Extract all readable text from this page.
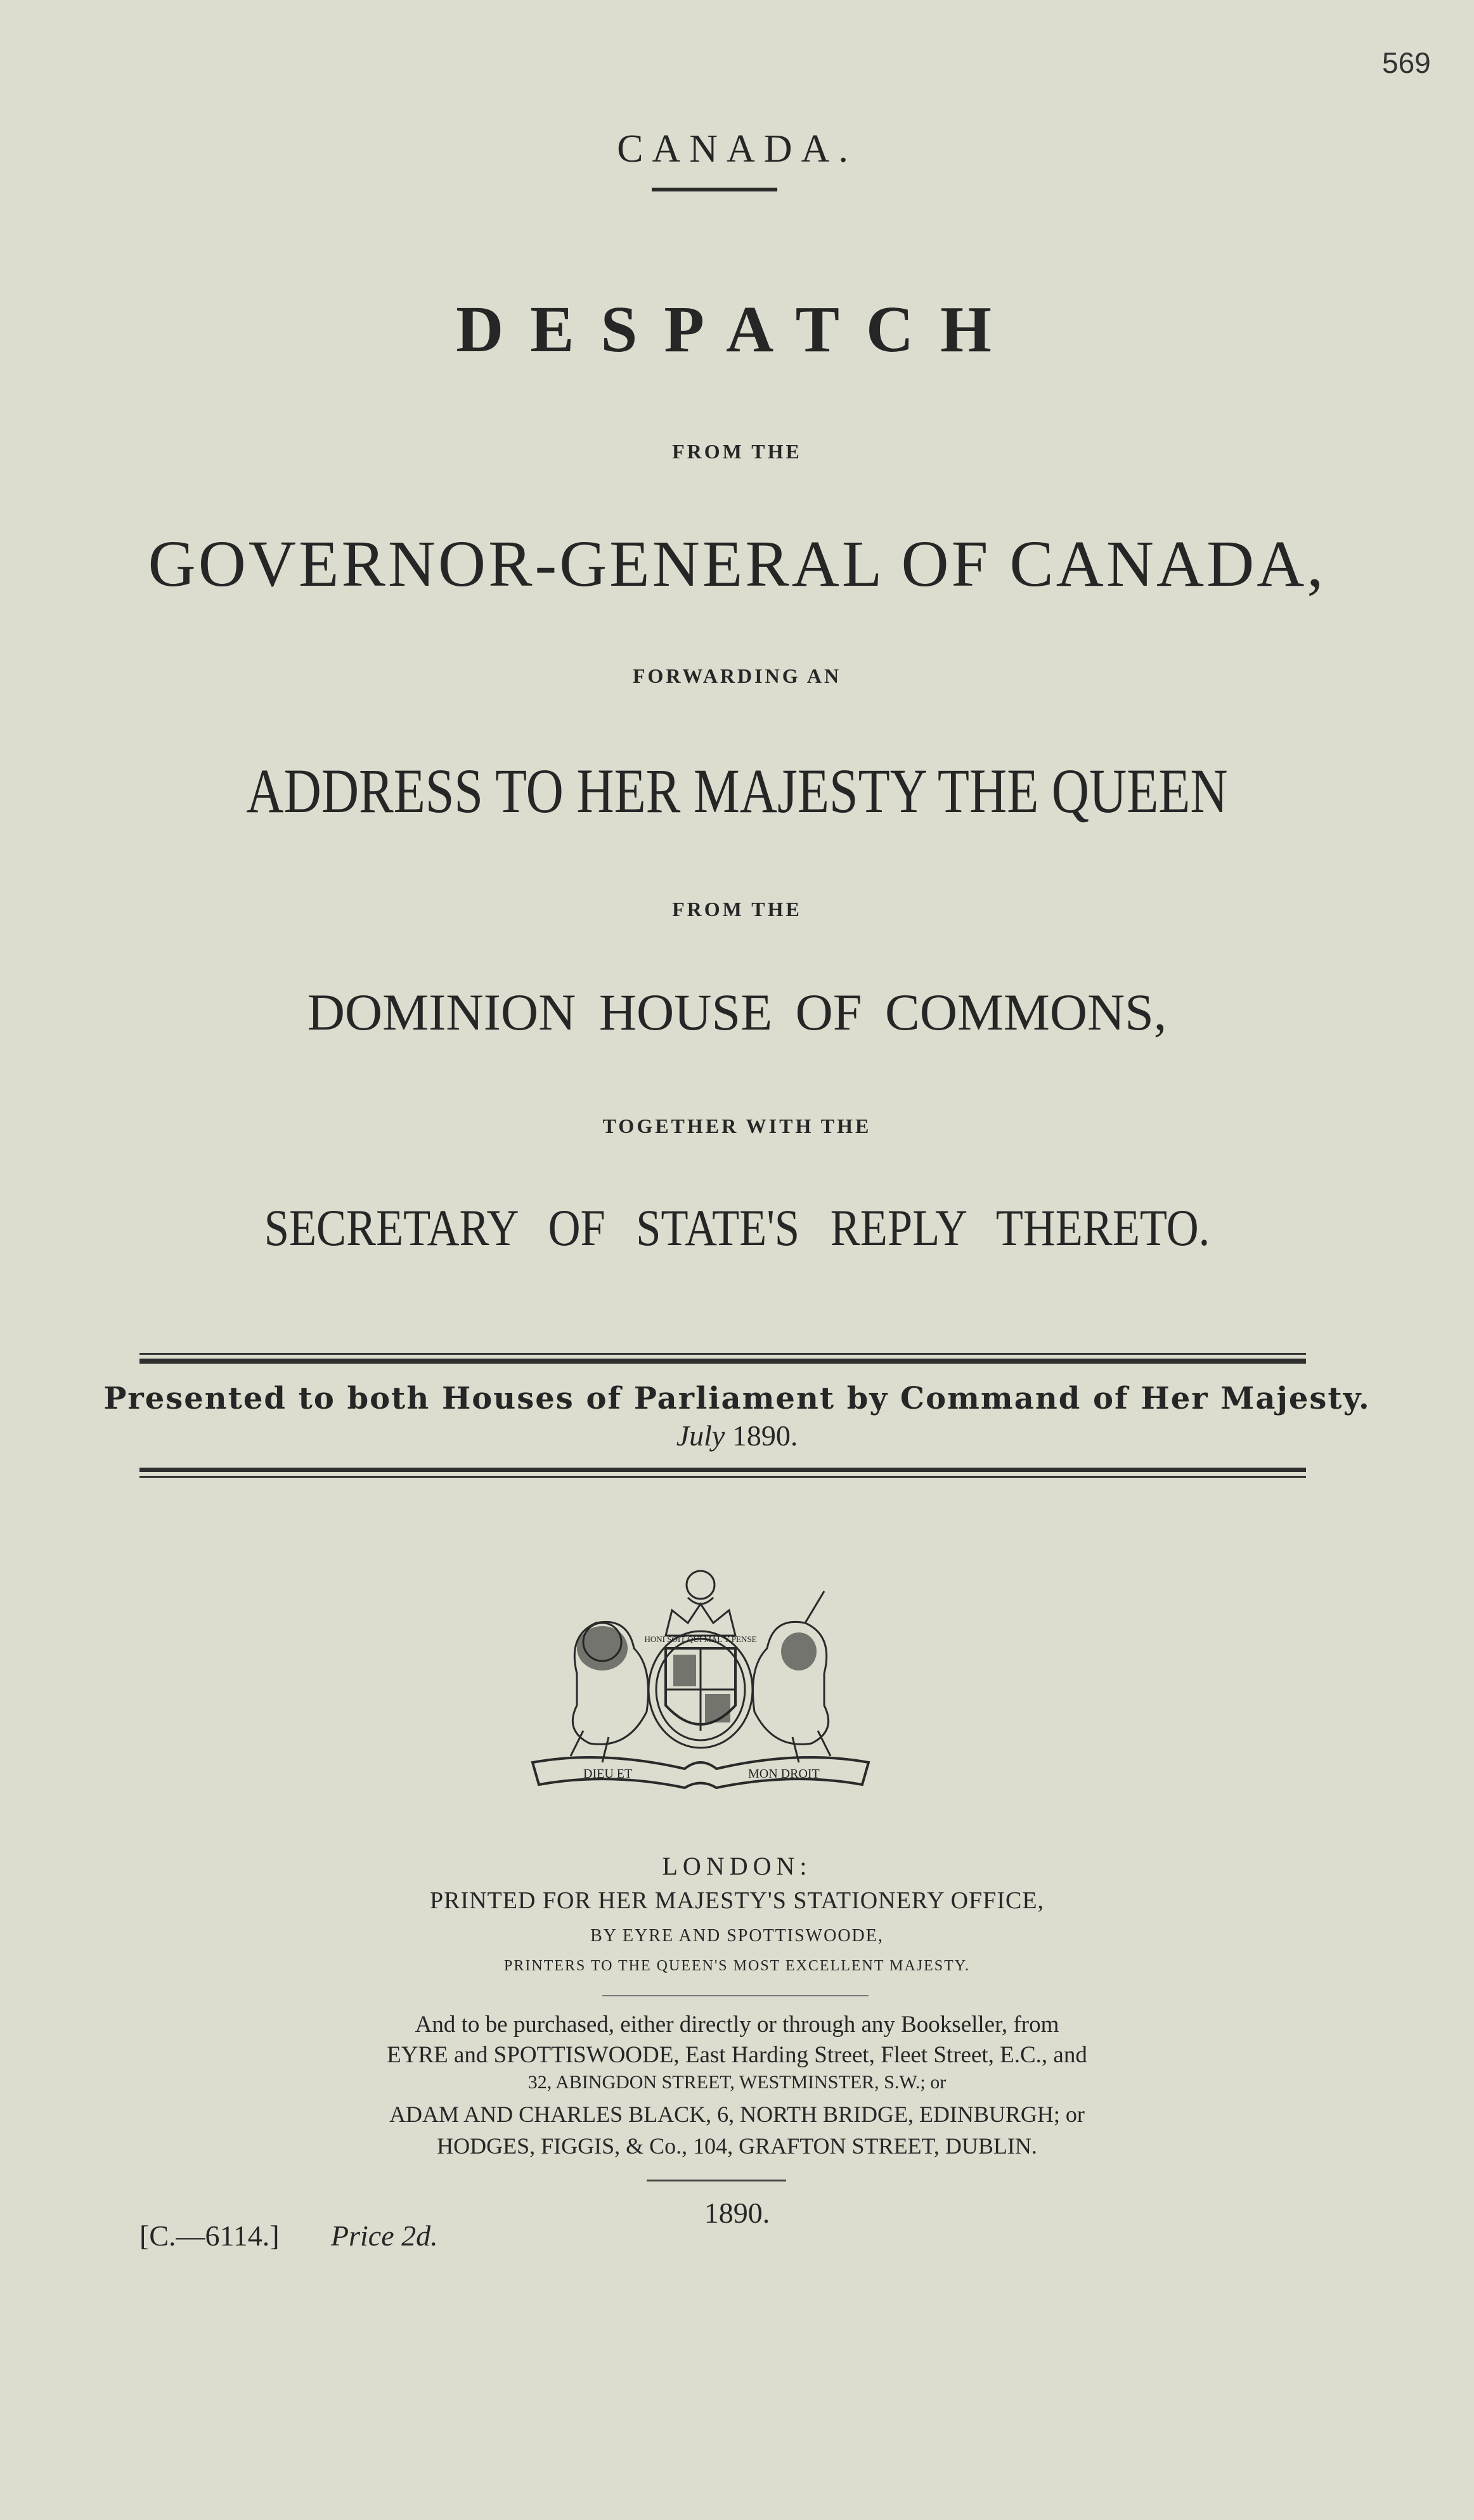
569
CANADA.
DESPATCH
FROM THE
GOVERNOR-GENERAL OF CANADA,
FORWARDING AN
ADDRESS TO HER MAJESTY THE QUEEN
FROM THE
DOMINION HOUSE OF COMMONS,
TOGETHER WITH THE
SECRETARY OF STATE'S REPLY THERETO.
Presented to both Houses of Parliament by Command of Her Majesty.
July 1890.
DIEU ET	MON DROIT
HONI SOIT QUI MAL Y PENSE
LONDON:
PRINTED FOR HER MAJESTY'S STATIONERY OFFICE,
BY EYRE AND SPOTTISWOODE,
PRINTERS TO THE QUEEN'S MOST EXCELLENT MAJESTY.
And to be purchased, either directly or through any Bookseller, from
EYRE and SPOTTISWOODE, East Harding Street, Fleet Street, E.C., and
32, ABINGDON STREET, WESTMINSTER, S.W.; or
ADAM AND CHARLES BLACK, 6, NORTH BRIDGE, EDINBURGH; or
HODGES, FIGGIS, & Co., 104, GRAFTON STREET, DUBLIN.
1890.
[C.—6114.] Price 2d.
